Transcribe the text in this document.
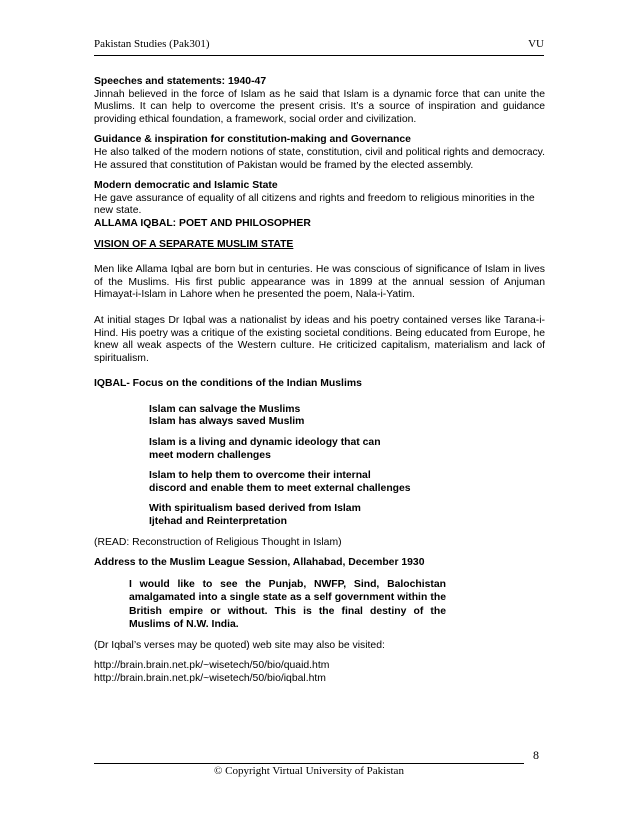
Pakistan Studies (Pak301)	VU

Speeches and statements: 1940-47

Jinnah believed in the force of Islam as he said that Islam is a dynamic force that can unite the Muslims. It can help to overcome the present crisis. It’s a source of inspiration and guidance providing ethical foundation, a framework, social order and civilization.

Guidance & inspiration for constitution-making and Governance

He also talked of the modern notions of state, constitution, civil and political rights and democracy. He assured that constitution of Pakistan would be framed by the elected assembly.

Modern democratic and Islamic State

He gave assurance of equality of all citizens and rights and freedom to religious minorities in the new state.

ALLAMA IQBAL: POET AND PHILOSOPHER

VISION OF A SEPARATE MUSLIM STATE

Men like Allama Iqbal are born but in centuries. He was conscious of significance of Islam in lives of the Muslims. His first public appearance was in 1899 at the annual session of Anjuman Himayat-i-Islam in Lahore when he presented the poem, Nala-i-Yatim.

At initial stages Dr Iqbal was a nationalist by ideas and his poetry contained verses like Tarana-i-Hind. His poetry was a critique of the existing societal conditions. Being educated from Europe, he knew all weak aspects of the Western culture. He criticized capitalism, materialism and lack of spiritualism.

IQBAL- Focus on the conditions of the Indian Muslims

Islam can salvage the Muslims
Islam has always saved Muslim
Islam is a living and dynamic ideology that can
meet modern challenges
Islam to help them to overcome their internal
discord and enable them to meet external challenges
With spiritualism based derived from Islam
Ijtehad and Reinterpretation

(READ: Reconstruction of Religious Thought in Islam)

Address to the Muslim League Session, Allahabad, December 1930

I would like to see the Punjab, NWFP, Sind, Balochistan amalgamated into a single state as a self government within the British empire or without. This is the final destiny of the Muslims of N.W. India.

(Dr Iqbal’s verses may be quoted) web site may also be visited:

http://brain.brain.net.pk/~wisetech/50/bio/quaid.htm

http://brain.brain.net.pk/~wisetech/50/bio/iqbal.htm

8
© Copyright Virtual University of Pakistan
